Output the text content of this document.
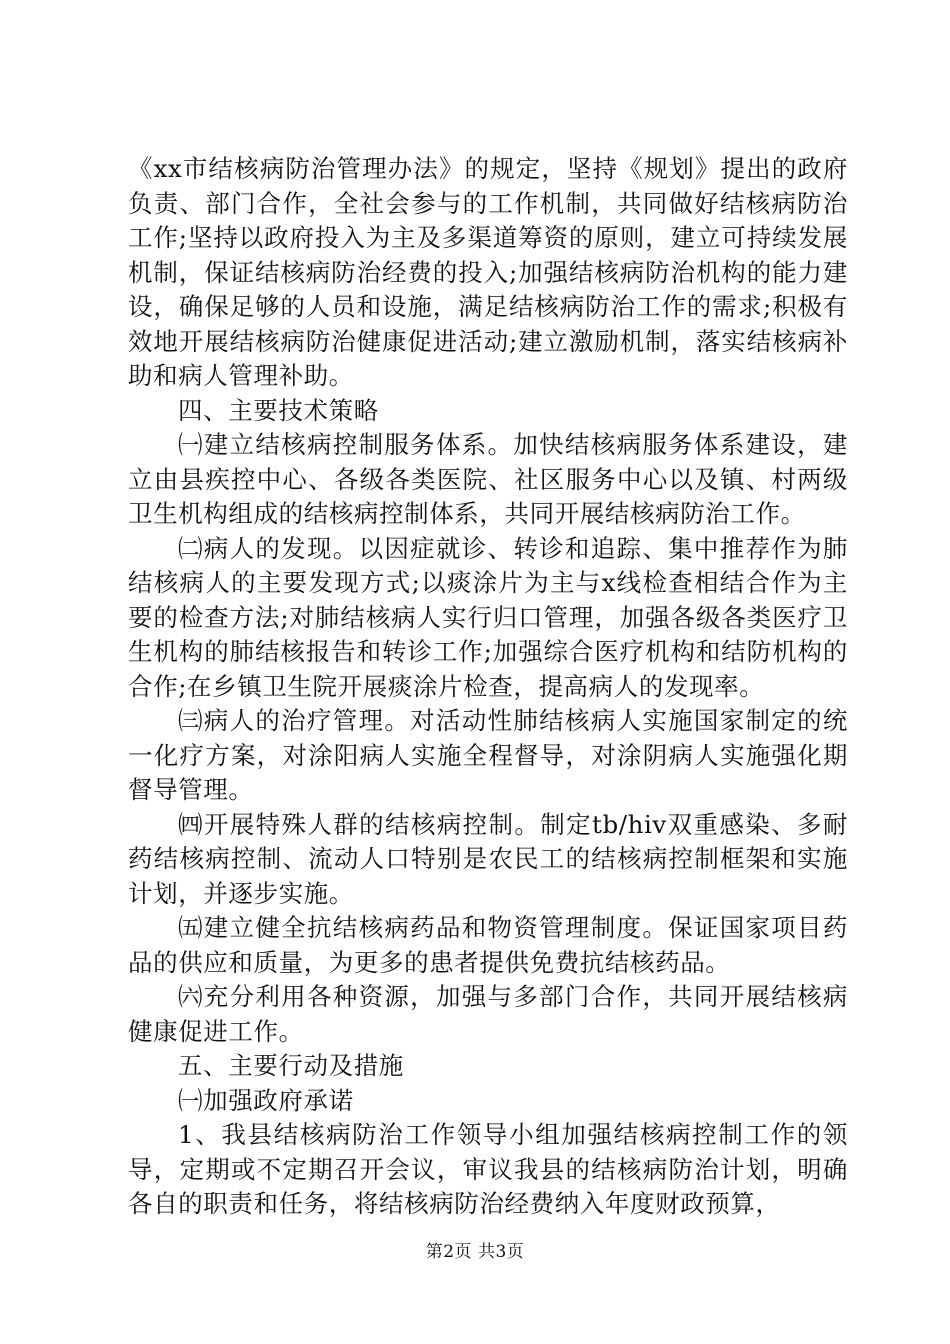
《xx市结核病防治管理办法》的规定，坚持《规划》提出的政府负责、部门合作，全社会参与的工作机制，共同做好结核病防治工作;坚持以政府投入为主及多渠道筹资的原则，建立可持续发展机制，保证结核病防治经费的投入;加强结核病防治机构的能力建设，确保足够的人员和设施，满足结核病防治工作的需求;积极有效地开展结核病防治健康促进活动;建立激励机制，落实结核病补助和病人管理补助。

四、主要技术策略

㈠建立结核病控制服务体系。加快结核病服务体系建设，建立由县疾控中心、各级各类医院、社区服务中心以及镇、村两级卫生机构组成的结核病控制体系，共同开展结核病防治工作。

㈡病人的发现。以因症就诊、转诊和追踪、集中推荐作为肺结核病人的主要发现方式;以痰涂片为主与x线检查相结合作为主要的检查方法;对肺结核病人实行归口管理，加强各级各类医疗卫生机构的肺结核报告和转诊工作;加强综合医疗机构和结防机构的合作;在乡镇卫生院开展痰涂片检查，提高病人的发现率。

㈢病人的治疗管理。对活动性肺结核病人实施国家制定的统一化疗方案，对涂阳病人实施全程督导，对涂阴病人实施强化期督导管理。

㈣开展特殊人群的结核病控制。制定tb/hiv双重感染、多耐药结核病控制、流动人口特别是农民工的结核病控制框架和实施计划，并逐步实施。

㈤建立健全抗结核病药品和物资管理制度。保证国家项目药品的供应和质量，为更多的患者提供免费抗结核药品。

㈥充分利用各种资源，加强与多部门合作，共同开展结核病健康促进工作。

五、主要行动及措施

㈠加强政府承诺

1、我县结核病防治工作领导小组加强结核病控制工作的领导，定期或不定期召开会议，审议我县的结核病防治计划，明确各自的职责和任务，将结核病防治经费纳入年度财政预算，

第2页 共3页
